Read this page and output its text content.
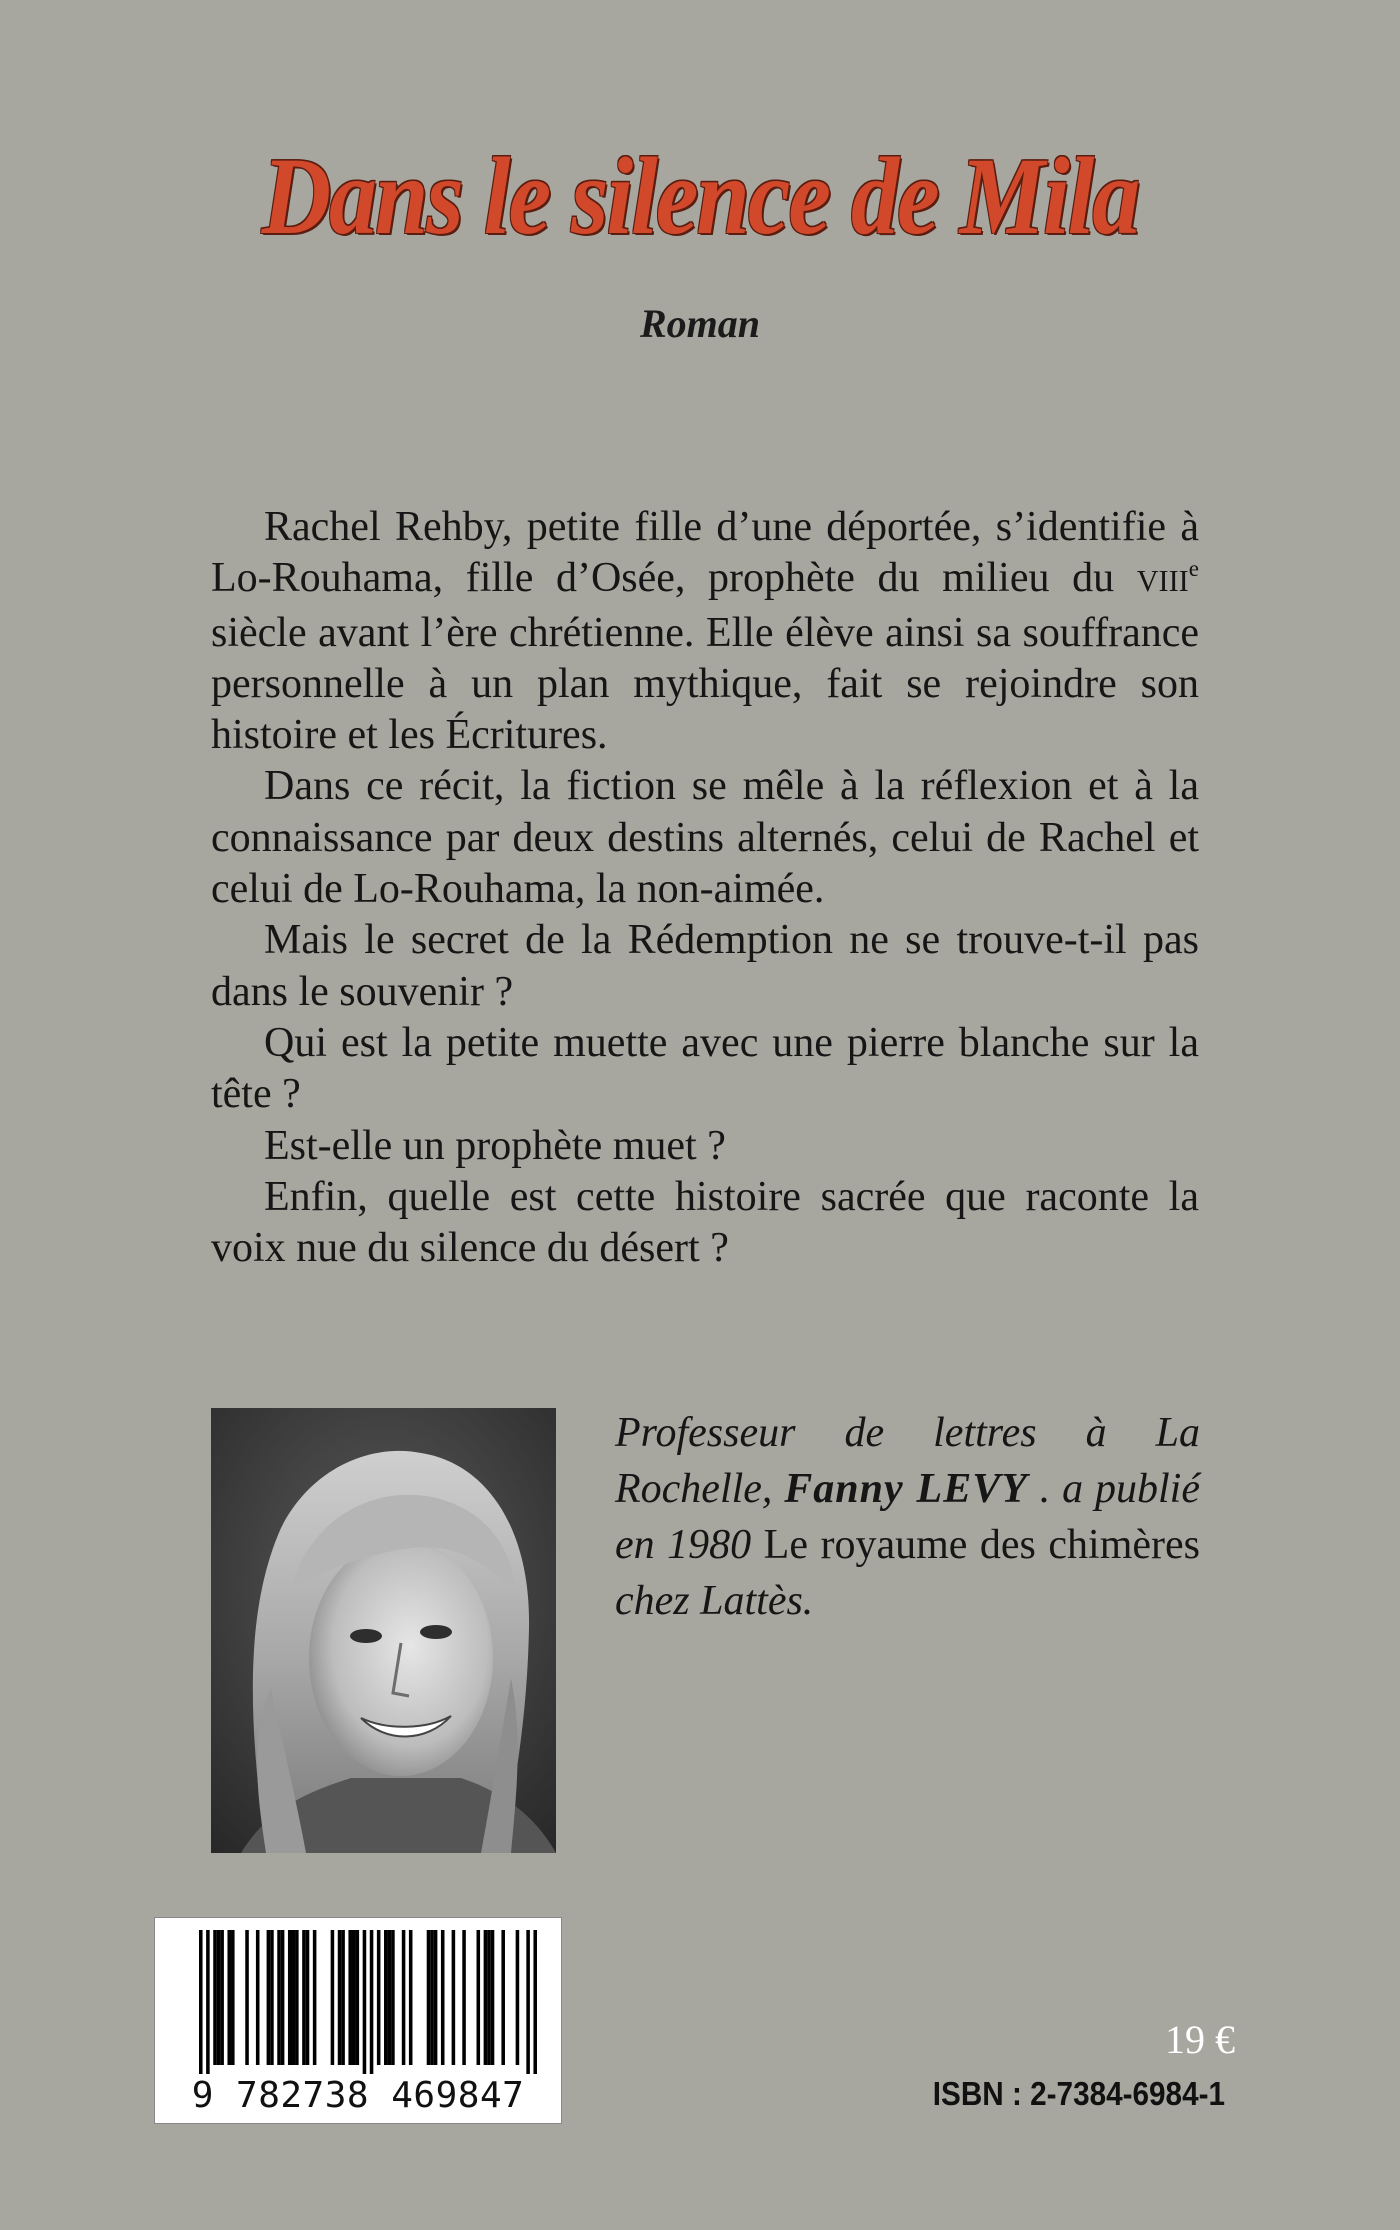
Dans le silence de Mila
Roman

Rachel Rehby, petite fille d’une déportée, s’identifie à Lo-Rouhama, fille d’Osée, prophète du milieu du VIIIe siècle avant l’ère chrétienne. Elle élève ainsi sa souffrance personnelle à un plan mythique, fait se rejoindre son histoire et les Écritures.

Dans ce récit, la fiction se mêle à la réflexion et à la connaissance par deux destins alternés, celui de Rachel et celui de Lo-Rouhama, la non-aimée.

Mais le secret de la Rédemption ne se trouve-t-il pas dans le souvenir ?

Qui est la petite muette avec une pierre blanche sur la tête ?

Est-elle un prophète muet ?

Enfin, quelle est cette histoire sacrée que raconte la voix nue du silence du désert ?

Professeur de lettres à La Rochelle, Fanny LEVY . a publié en 1980 Le royaume des chimères chez Lattès.

9 782738 469847
19 €
ISBN : 2-7384-6984-1
